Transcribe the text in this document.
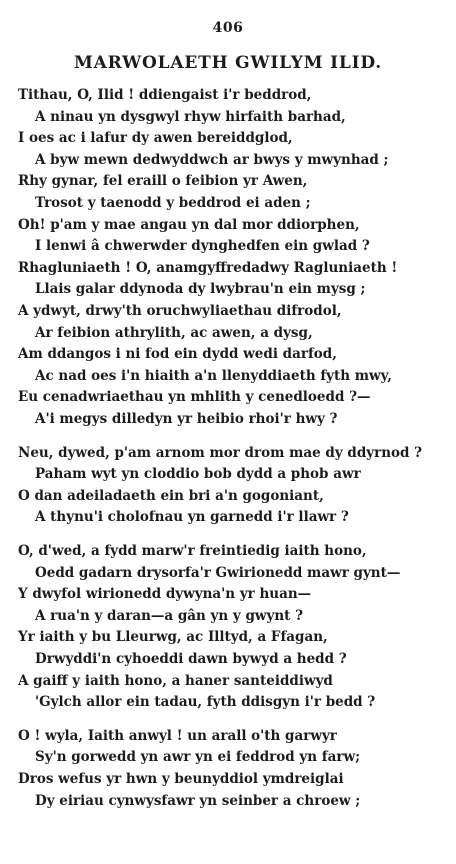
406
MARWOLAETH GWILYM ILID.
Tithau, O, Ilid ! ddiengaist i'r beddrod,
A ninau yn dysgwyl rhyw hirfaith barhad,
I oes ac i lafur dy awen bereiddglod,
A byw mewn dedwyddwch ar bwys y mwynhad ;
Rhy gynar, fel eraill o feibion yr Awen,
Trosot y taenodd y beddrod ei aden ;
Oh! p'am y mae angau yn dal mor ddiorphen,
I lenwi â chwerwder dynghedfen ein gwlad ?
Rhagluniaeth ! O, anamgyffredadwy Ragluniaeth !
Llais galar ddynoda dy lwybrau'n ein mysg ;
A ydwyt, drwy'th oruchwyliaethau difrodol,
Ar feibion athrylith, ac awen, a dysg,
Am ddangos i ni fod ein dydd wedi darfod,
Ac nad oes i'n hiaith a'n llenyddiaeth fyth mwy,
Eu cenadwriaethau yn mhlith y cenedloedd ?—
A'i megys dilledyn yr heibio rhoi'r hwy ?
Neu, dywed, p'am arnom mor drom mae dy ddyrnod ?
Paham wyt yn cloddio bob dydd a phob awr
O dan adeiladaeth ein bri a'n gogoniant,
A thynu'i cholofnau yn garnedd i'r llawr ?
O, d'wed, a fydd marw'r freintiedig iaith hono,
Oedd gadarn drysorfa'r Gwirionedd mawr gynt—
Y dwyfol wirionedd dywyna'n yr huan—
A rua'n y daran—a gân yn y gwynt ?
Yr iaith y bu Lleurwg, ac Illtyd, a Ffagan,
Drwyddi'n cyhoeddi dawn bywyd a hedd ?
A gaiff y iaith hono, a haner santeiddiwyd
'Gylch allor ein tadau, fyth ddisgyn i'r bedd ?
O ! wyla, Iaith anwyl ! un arall o'th garwyr
Sy'n gorwedd yn awr yn ei feddrod yn farw;
Dros wefus yr hwn y beunyddiol ymdreiglai
Dy eiriau cynwysfawr yn seinber a chroew ;
